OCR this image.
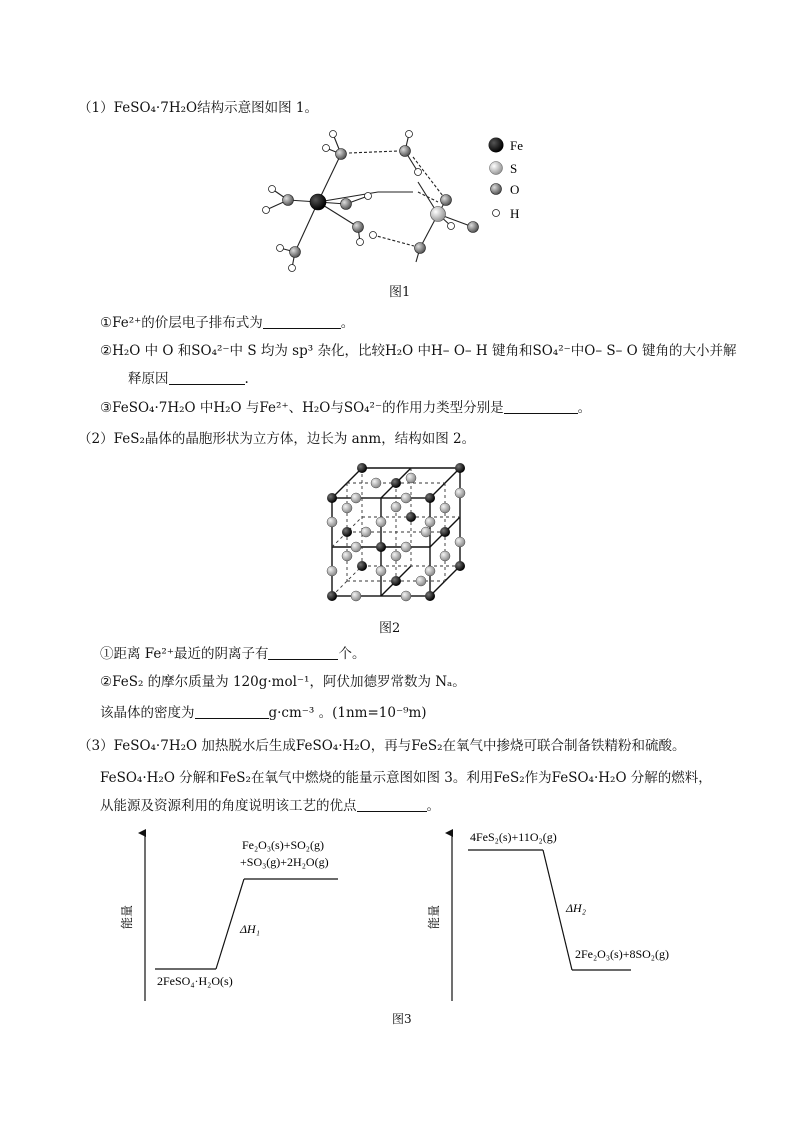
（1）FeSO₄·7H₂O结构示意图如图 1。
Fe
S
O
H
图1
①Fe²⁺的价层电子排布式为	。
②H₂O 中 O 和SO₄²⁻中 S 均为 sp³ 杂化，比较H₂O 中H– O– H 键角和SO₄²⁻中O– S– O 键角的大小并解
释原因	.
③FeSO₄·7H₂O 中H₂O 与Fe²⁺、H₂O与SO₄²⁻的作用力类型分别是	。
（2）FeS₂晶体的晶胞形状为立方体，边长为 anm，结构如图 2。
图2
①距离 Fe²⁺最近的阴离子有	个。
②FeS₂ 的摩尔质量为 120g·mol⁻¹，阿伏加德罗常数为 Nₐ。
该晶体的密度为	g·cm⁻³ 。(1nm=10⁻⁹m)
（3）FeSO₄·7H₂O 加热脱水后生成FeSO₄·H₂O，再与FeS₂在氧气中掺烧可联合制备铁精粉和硫酸。
FeSO₄·H₂O 分解和FeS₂在氧气中燃烧的能量示意图如图 3。利用FeS₂作为FeSO₄·H₂O 分解的燃料，
从能源及资源利用的角度说明该工艺的优点	。
能量
2FeSO₄·H₂O(s)
Fe₂O₃(s)+SO₂(g)
+SO₃(g)+2H₂O(g)
ΔH₁	能量
4FeS₂(s)+11O₂(g)
2Fe₂O₃(s)+8SO₂(g)
ΔH₂
图3
